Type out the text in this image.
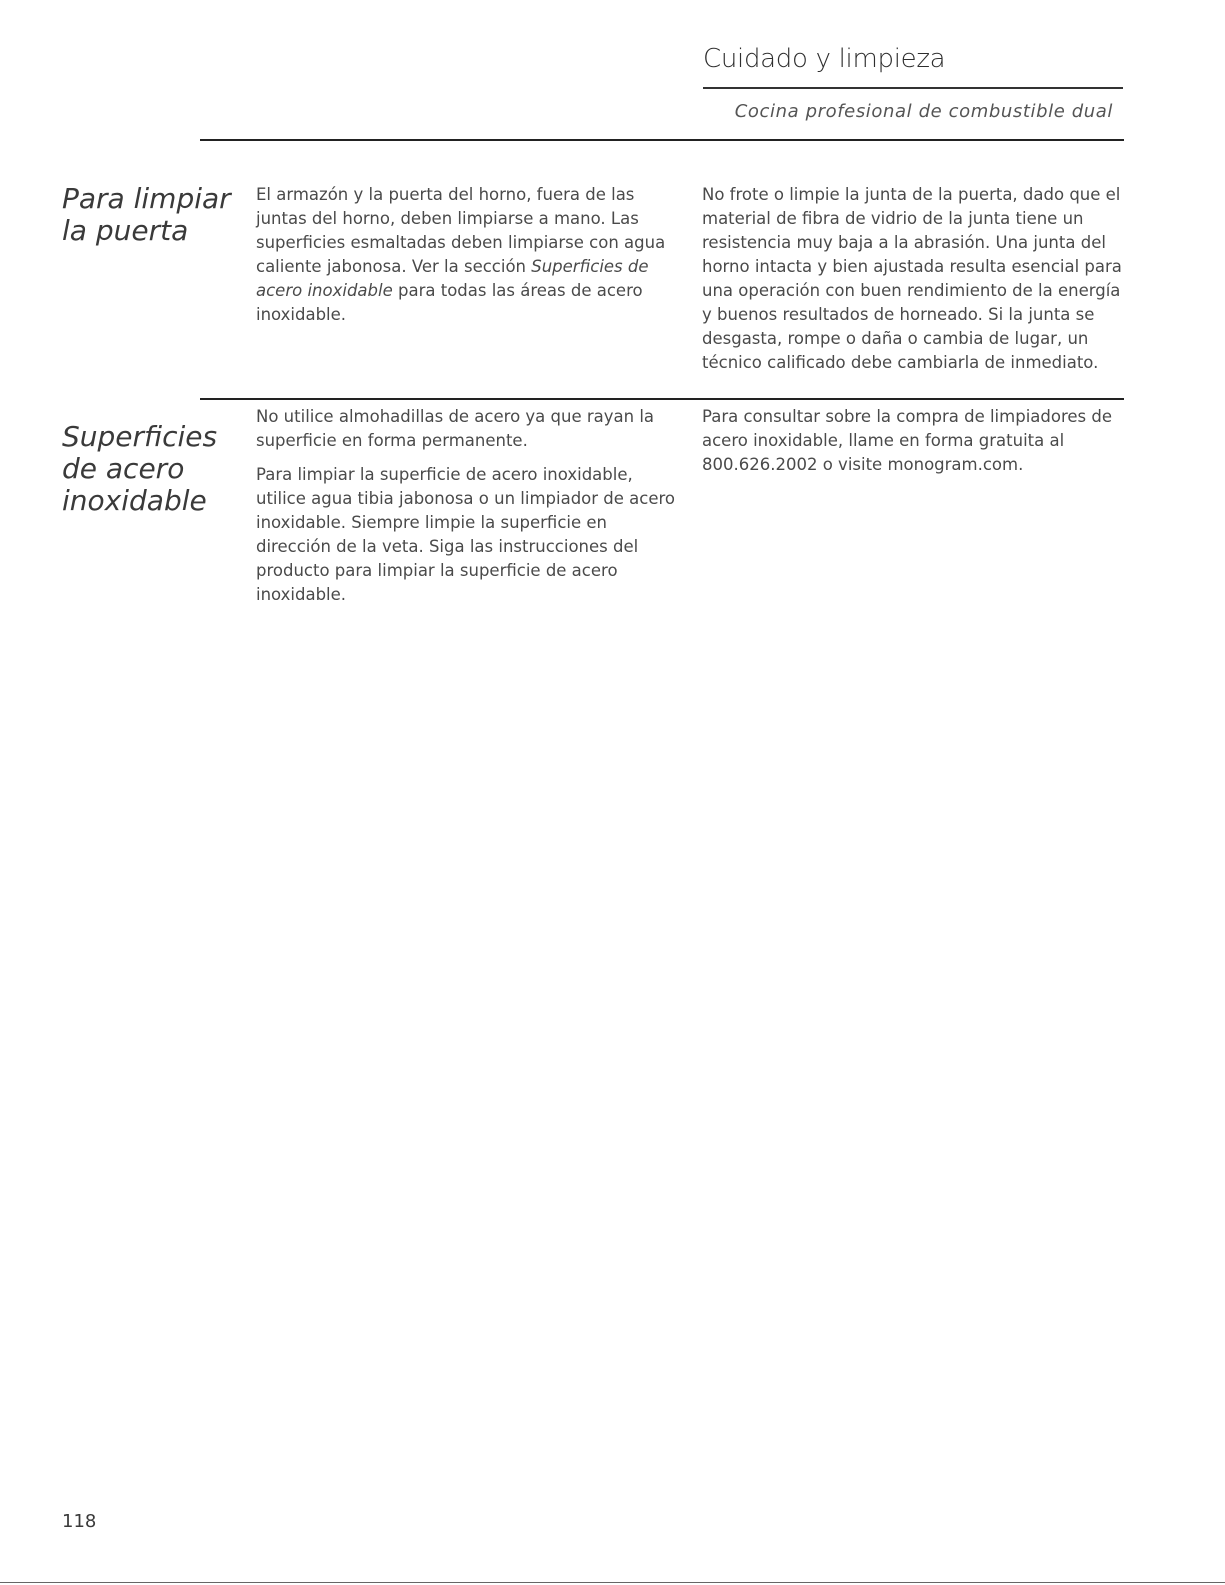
Cuidado y limpieza
Cocina profesional de combustible dual
Para limpiar
la puerta

El armazón y la puerta del horno, fuera de las juntas del horno, deben limpiarse a mano. Las superficies esmaltadas deben limpiarse con agua caliente jabonosa. Ver la sección Superficies de acero inoxidable para todas las áreas de acero inoxidable.

No frote o limpie la junta de la puerta, dado que el material de fibra de vidrio de la junta tiene un resistencia muy baja a la abrasión. Una junta del horno intacta y bien ajustada resulta esencial para una operación con buen rendimiento de la energía y buenos resultados de horneado. Si la junta se desgasta, rompe o daña o cambia de lugar, un técnico calificado debe cambiarla de inmediato.

Superficies
de acero
inoxidable

No utilice almohadillas de acero ya que rayan la superficie en forma permanente.

Para limpiar la superficie de acero inoxidable, utilice agua tibia jabonosa o un limpiador de acero inoxidable. Siempre limpie la superficie en dirección de la veta. Siga las instrucciones del producto para limpiar la superficie de acero inoxidable.

Para consultar sobre la compra de limpiadores de acero inoxidable, llame en forma gratuita al 800.626.2002 o visite monogram.com.

118
